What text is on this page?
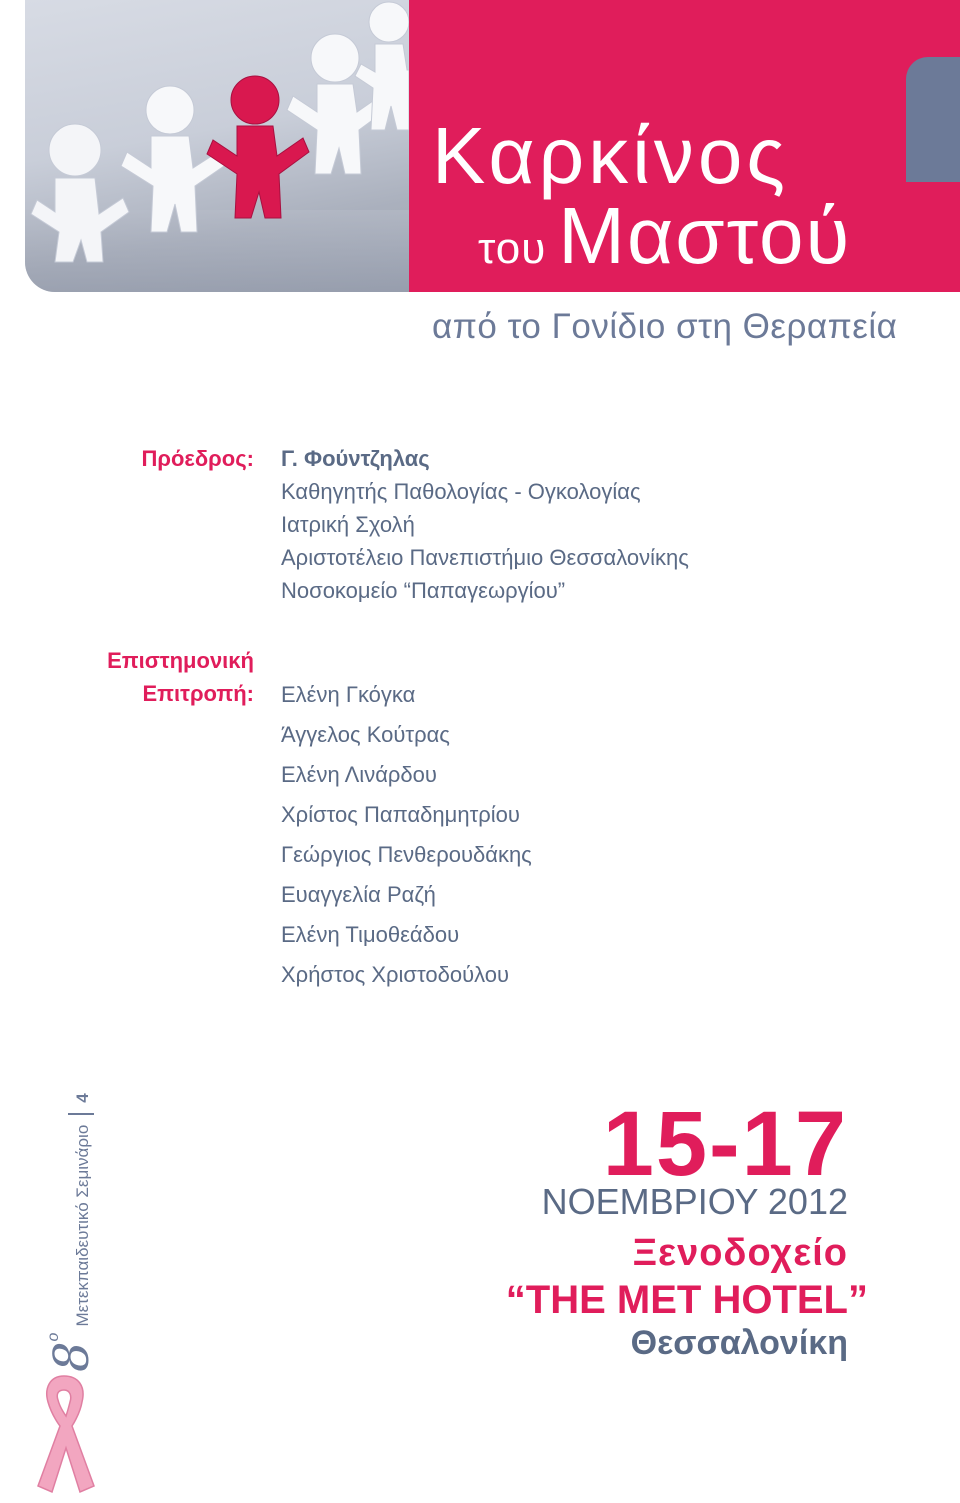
Καρκίνος
του Μαστού
από το Γονίδιο στη Θεραπεία
Πρόεδρος: Γ. Φούντζηλας
Καθηγητής Παθολογίας - Ογκολογίας
Ιατρική Σχολή
Αριστοτέλειο Πανεπιστήμιο Θεσσαλονίκης
Νοσοκομείο “Παπαγεωργίου”
Επιστημονική
Επιτροπή: Ελένη Γκόγκα
Άγγελος Κούτρας
Ελένη Λινάρδου
Χρίστος Παπαδημητρίου
Γεώργιος Πενθερουδάκης
Ευαγγελία Ραζή
Ελένη Τιμοθεάδου
Χρήστος Χριστοδούλου
8οΜετεκπαιδευτικό Σεμινάριο4	15-17
ΝΟΕΜΒΡΙΟΥ 2012
Ξενοδοχείο
“THE MET HOTEL”
Θεσσαλονίκη
